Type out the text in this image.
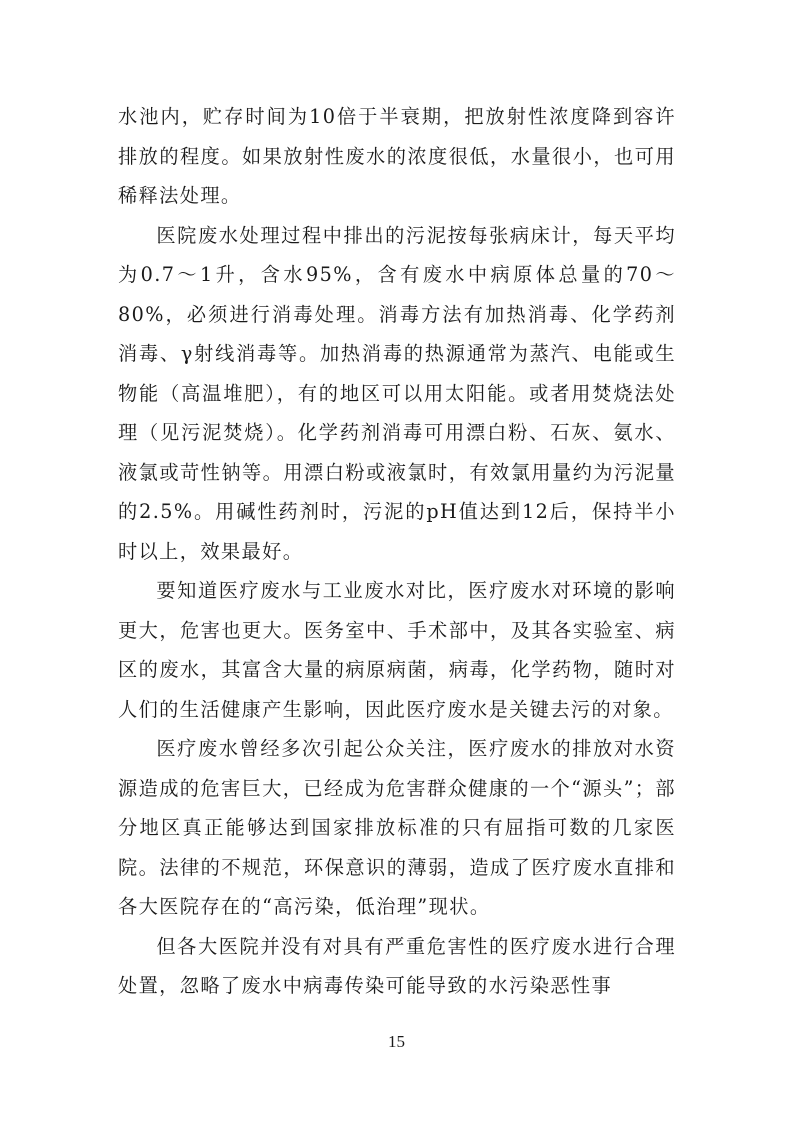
水池内，贮存时间为10倍于半衰期，把放射性浓度降到容许排放的程度。如果放射性废水的浓度很低，水量很小，也可用稀释法处理。

医院废水处理过程中排出的污泥按每张病床计，每天平均为0.7～1升，含水95%，含有废水中病原体总量的70～80%，必须进行消毒处理。消毒方法有加热消毒、化学药剂消毒、γ射线消毒等。加热消毒的热源通常为蒸汽、电能或生物能（高温堆肥），有的地区可以用太阳能。或者用焚烧法处理（见污泥焚烧）。化学药剂消毒可用漂白粉、石灰、氨水、液氯或苛性钠等。用漂白粉或液氯时，有效氯用量约为污泥量的2.5%。用碱性药剂时，污泥的pH值达到12后，保持半小时以上，效果最好。

要知道医疗废水与工业废水对比，医疗废水对环境的影响更大，危害也更大。医务室中、手术部中，及其各实验室、病区的废水，其富含大量的病原病菌，病毒，化学药物，随时对人们的生活健康产生影响，因此医疗废水是关键去污的对象。

医疗废水曾经多次引起公众关注，医疗废水的排放对水资源造成的危害巨大，已经成为危害群众健康的一个“源头”；部分地区真正能够达到国家排放标准的只有屈指可数的几家医院。法律的不规范，环保意识的薄弱，造成了医疗废水直排和各大医院存在的“高污染，低治理”现状。

但各大医院并没有对具有严重危害性的医疗废水进行合理处置，忽略了废水中病毒传染可能导致的水污染恶性事

15
